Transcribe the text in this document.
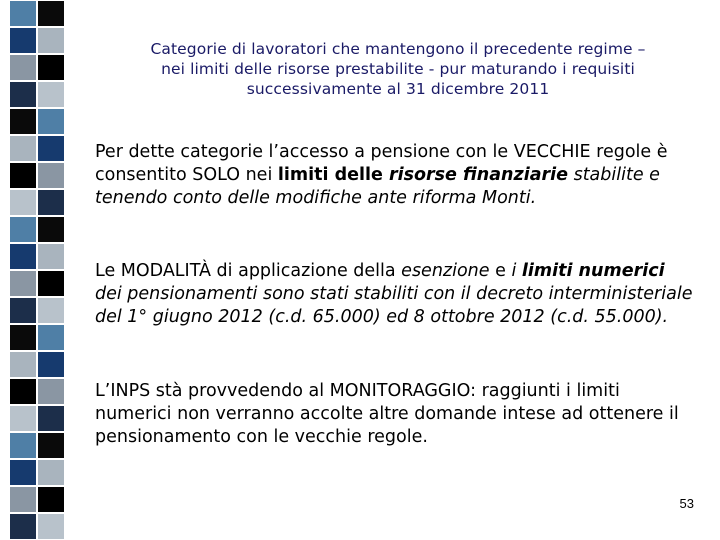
Categorie di lavoratori che mantengono il precedente regime –
nei limiti delle risorse prestabilite - pur maturando i requisiti
successivamente al 31 dicembre 2011

Per dette categorie l’accesso a pensione con le VECCHIE regole è consentito SOLO nei limiti delle risorse finanziarie stabilite e tenendo conto delle modifiche ante riforma Monti.

Le MODALITÀ di applicazione della esenzione e i limiti numerici dei pensionamenti sono stati stabiliti con il decreto interministeriale del 1° giugno 2012 (c.d. 65.000) ed 8 ottobre 2012 (c.d. 55.000).

L’INPS stà provvedendo al MONITORAGGIO: raggiunti i limiti numerici non verranno accolte altre domande intese ad ottenere il pensionamento con le vecchie regole.

53
